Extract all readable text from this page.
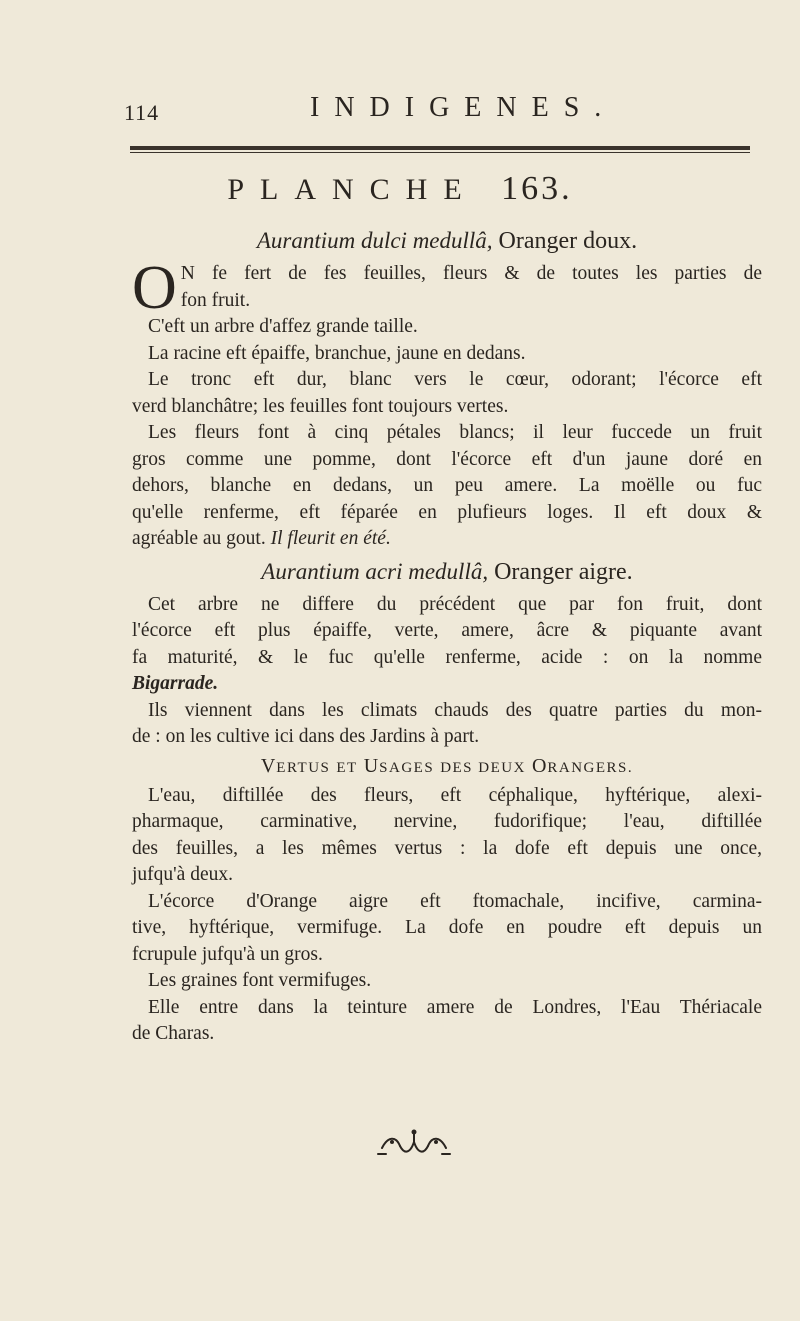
114	INDIGENES.
PLANCHE 163.
Aurantium dulci medullâ, Oranger doux.
O N fe fert de fes feuilles, fleurs & de toutes les parties de
fon fruit.
C'eft un arbre d'affez grande taille.
La racine eft épaiffe, branchue, jaune en dedans.
Le tronc eft dur, blanc vers le cœur, odorant; l'écorce eft
verd blanchâtre; les feuilles font toujours vertes.
Les fleurs font à cinq pétales blancs; il leur fuccede un fruit
gros comme une pomme, dont l'écorce eft d'un jaune doré en
dehors, blanche en dedans, un peu amere. La moëlle ou fuc
qu'elle renferme, eft féparée en plufieurs loges. Il eft doux &
agréable au gout. Il fleurit en été.
Aurantium acri medullâ, Oranger aigre.
Cet arbre ne differe du précédent que par fon fruit, dont
l'écorce eft plus épaiffe, verte, amere, âcre & piquante avant
fa maturité, & le fuc qu'elle renferme, acide : on la nomme
Bigarrade.
Ils viennent dans les climats chauds des quatre parties du mon-
de : on les cultive ici dans des Jardins à part.
VERTUS ET USAGES DES DEUX ORANGERS.
L'eau, diftillée des fleurs, eft céphalique, hyftérique, alexi-
pharmaque, carminative, nervine, fudorifique; l'eau, diftillée
des feuilles, a les mêmes vertus : la dofe eft depuis une once,
jufqu'à deux.
L'écorce d'Orange aigre eft ftomachale, incifive, carmina-
tive, hyftérique, vermifuge. La dofe en poudre eft depuis un
fcrupule jufqu'à un gros.
Les graines font vermifuges.
Elle entre dans la teinture amere de Londres, l'Eau Thériacale
de Charas.
